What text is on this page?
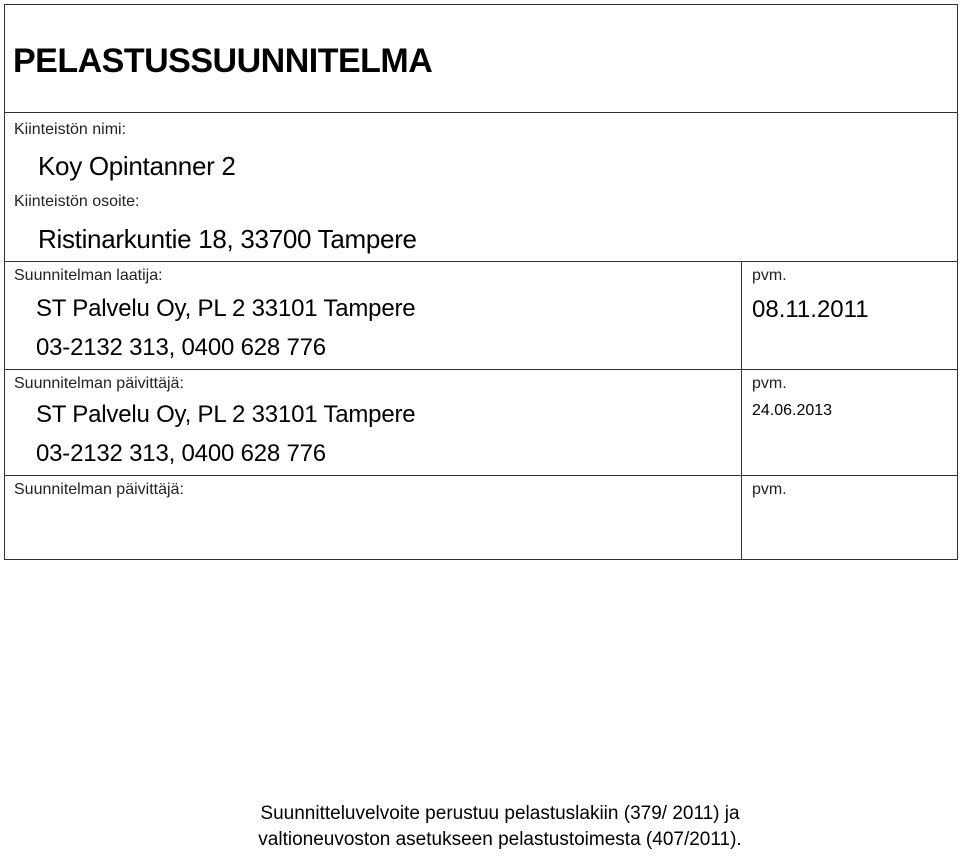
PELASTUSSUUNNITELMA
Kiinteistön nimi:
Koy Opintanner 2
Kiinteistön osoite:
Ristinarkuntie 18, 33700 Tampere
Suunnitelman laatija:
ST Palvelu Oy, PL 2 33101 Tampere
03-2132 313, 0400 628 776
pvm.
08.11.2011
Suunnitelman päivittäjä:
ST Palvelu Oy, PL 2 33101 Tampere
03-2132 313, 0400 628 776
pvm.
24.06.2013
Suunnitelman päivittäjä:	pvm.
Suunnitteluvelvoite perustuu pelastuslakiin (379/ 2011) ja
valtioneuvoston asetukseen pelastustoimesta (407/2011).
